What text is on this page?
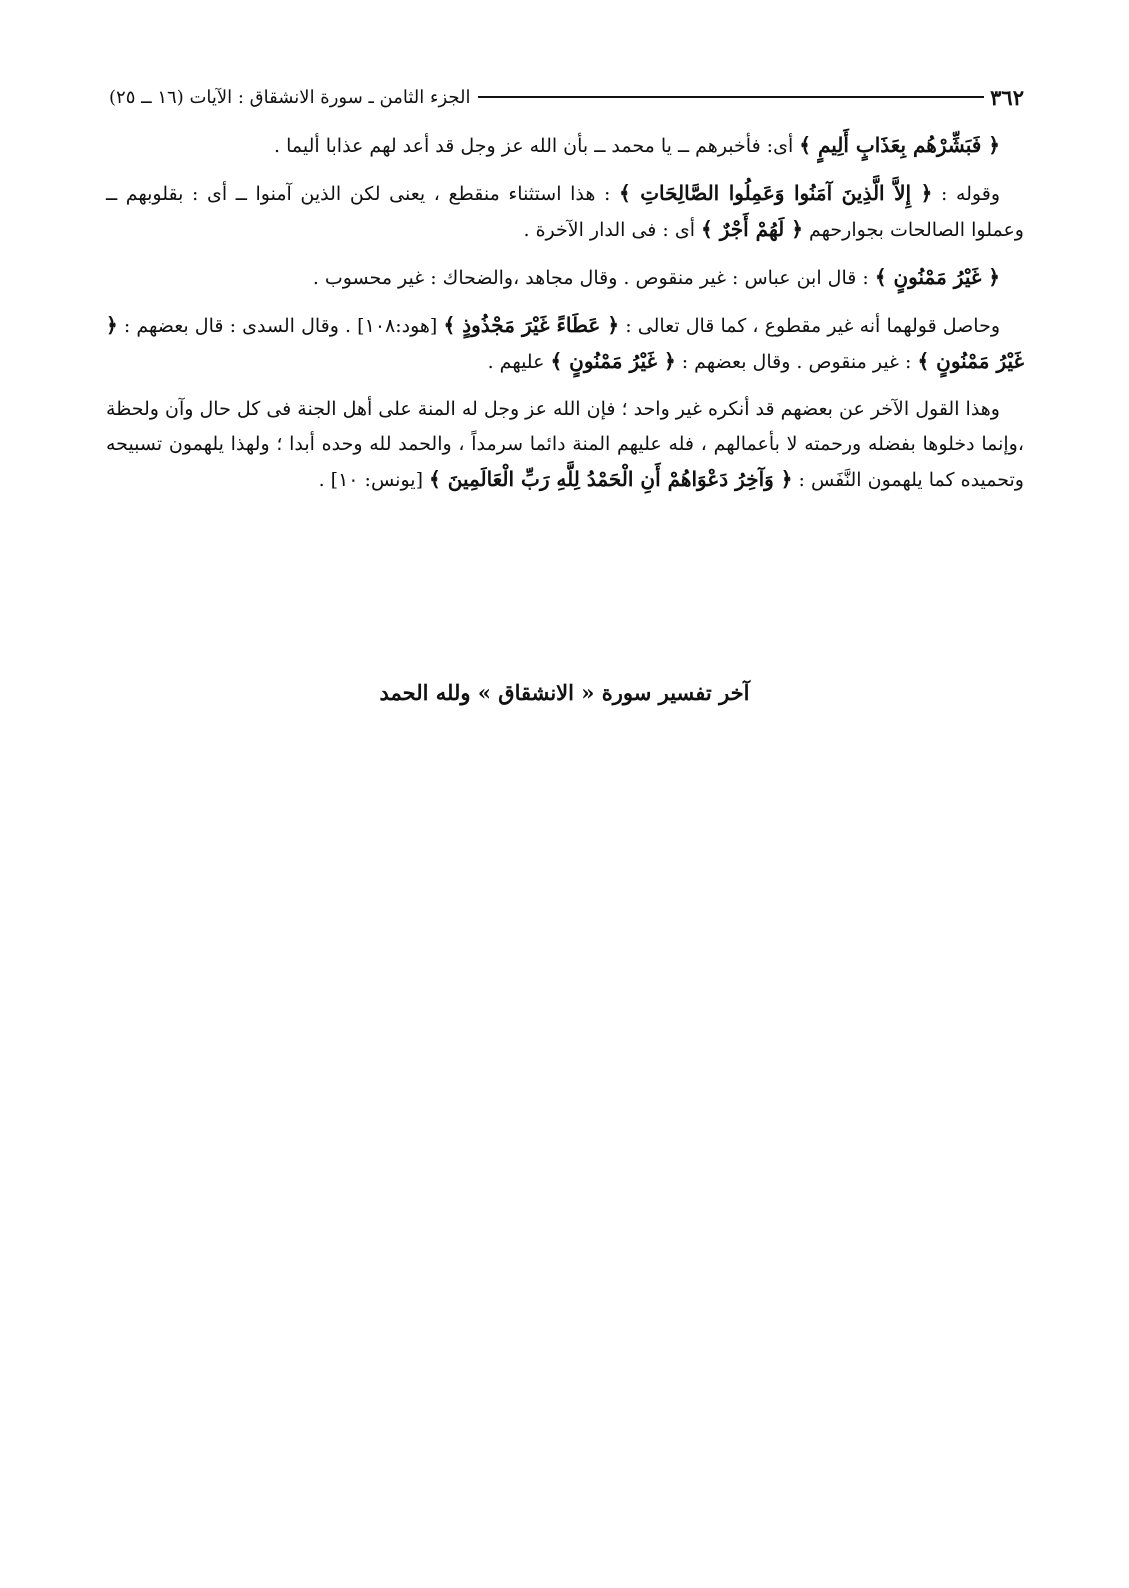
٣٦٢
الجزء الثامن ـ سورة الانشقاق : الآيات (١٦ ــ ٢٥)

﴿ فَبَشِّرْهُم بِعَذَابٍ أَلِيمٍ ﴾ أى: فأخبرهم ــ يا محمد ــ بأن الله عز وجل قد أعد لهم عذابا أليما .

وقوله : ﴿ إِلاَّ الَّذِينَ آمَنُوا وَعَمِلُوا الصَّالِحَاتِ ﴾ : هذا استثناء منقطع ، يعنى لكن الذين آمنوا ــ أى : بقلوبهم ــ وعملوا الصالحات بجوارحهم ﴿ لَهُمْ أَجْرٌ ﴾ أى : فى الدار الآخرة .

﴿ غَيْرُ مَمْنُونٍ ﴾ : قال ابن عباس : غير منقوص . وقال مجاهد ،والضحاك : غير محسوب .

وحاصل قولهما أنه غير مقطوع ، كما قال تعالى : ﴿ عَطَاءً غَيْرَ مَجْذُوذٍ ﴾ [هود:١٠٨] . وقال السدى : قال بعضهم : ﴿ غَيْرُ مَمْنُونٍ ﴾ : غير منقوص . وقال بعضهم : ﴿ غَيْرُ مَمْنُونٍ ﴾ عليهم .

وهذا القول الآخر عن بعضهم قد أنكره غير واحد ؛ فإن الله عز وجل له المنة على أهل الجنة فى كل حال وآن ولحظة ،وإنما دخلوها بفضله ورحمته لا بأعمالهم ، فله عليهم المنة دائما سرمداً ، والحمد لله وحده أبدا ؛ ولهذا يلهمون تسبيحه وتحميده كما يلهمون النَّفَس : ﴿ وَآخِرُ دَعْوَاهُمْ أَنِ الْحَمْدُ لِلَّهِ رَبِّ الْعَالَمِينَ ﴾ [يونس: ١٠] .

آخر تفسير سورة « الانشقاق » ولله الحمد
